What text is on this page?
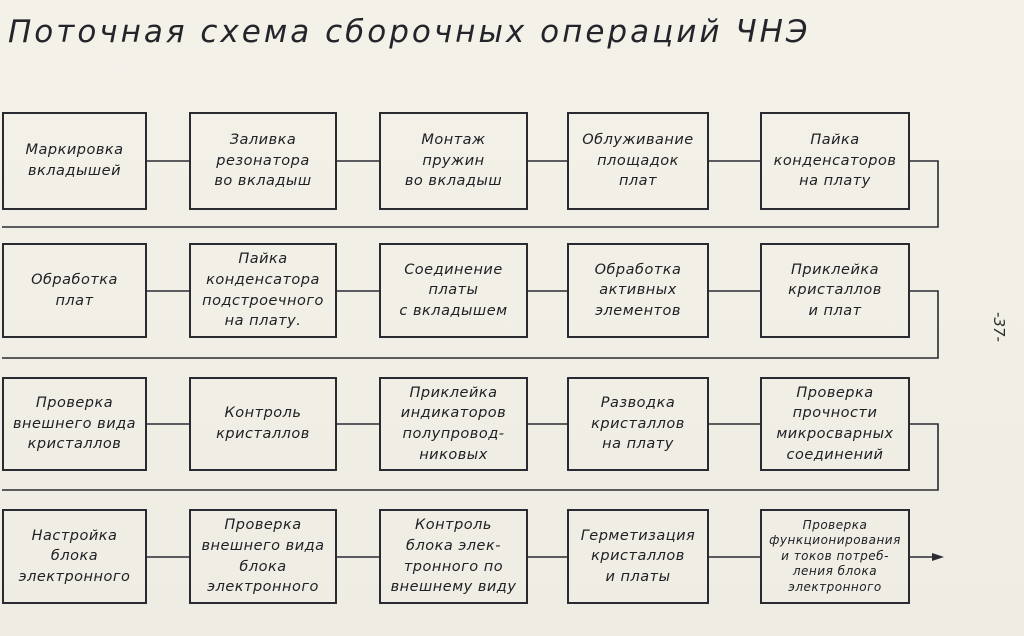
Поточная схема сборочных операций ЧНЭ
-37-
Маркировка
вкладышей
Заливка
резонатора
во вкладыш
Монтаж
пружин
во вкладыш
Облуживание
площадок
плат
Пайка
конденсаторов
на плату
Обработка
плат
Пайка
конденсатора
подстроечного
на плату.
Соединение
платы
с вкладышем
Обработка
активных
элементов
Приклейка
кристаллов
и плат
Проверка
внешнего вида
кристаллов
Контроль
кристаллов
Приклейка
индикаторов
полупровод-
никовых
Разводка
кристаллов
на плату
Проверка
прочности
микросварных
соединений
Настройка
блока
электронного
Проверка
внешнего вида
блока
электронного
Контроль
блока элек-
тронного по
внешнему виду
Герметизация
кристаллов
и платы
Проверка
функционирования
и токов потреб-
ления блока
электронного
